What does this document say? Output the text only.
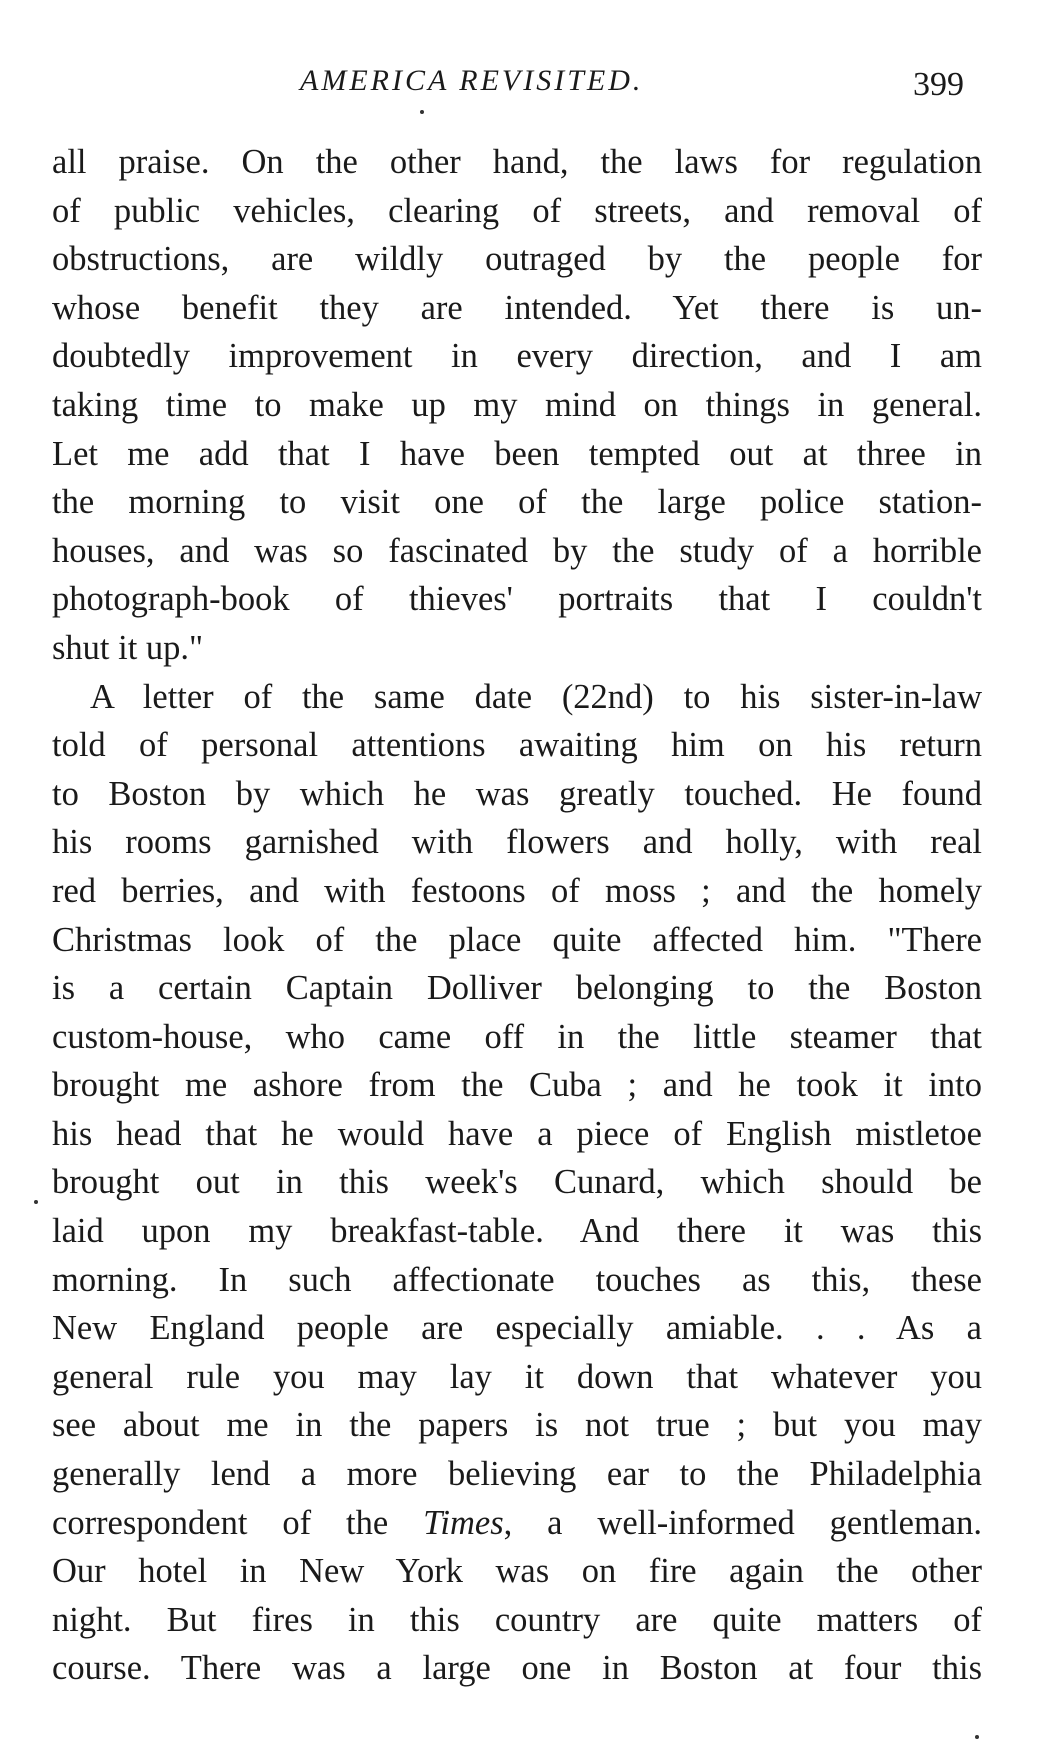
AMERICA REVISITED.	399
all praise. On the other hand, the laws for regulation
of public vehicles, clearing of streets, and removal of
obstructions, are wildly outraged by the people for
whose benefit they are intended. Yet there is un-
doubtedly improvement in every direction, and I am
taking time to make up my mind on things in general.
Let me add that I have been tempted out at three in
the morning to visit one of the large police station-
houses, and was so fascinated by the study of a horrible
photograph-book of thieves' portraits that I couldn't
shut it up."
A letter of the same date (22nd) to his sister-in-law
told of personal attentions awaiting him on his return
to Boston by which he was greatly touched. He found
his rooms garnished with flowers and holly, with real
red berries, and with festoons of moss ; and the homely
Christmas look of the place quite affected him. "There
is a certain Captain Dolliver belonging to the Boston
custom-house, who came off in the little steamer that
brought me ashore from the Cuba ; and he took it into
his head that he would have a piece of English mistletoe
brought out in this week's Cunard, which should be
laid upon my breakfast-table. And there it was this
morning. In such affectionate touches as this, these
New England people are especially amiable. . . As a
general rule you may lay it down that whatever you
see about me in the papers is not true ; but you may
generally lend a more believing ear to the Philadelphia
correspondent of the Times, a well-informed gentleman.
Our hotel in New York was on fire again the other
night. But fires in this country are quite matters of
course. There was a large one in Boston at four this
